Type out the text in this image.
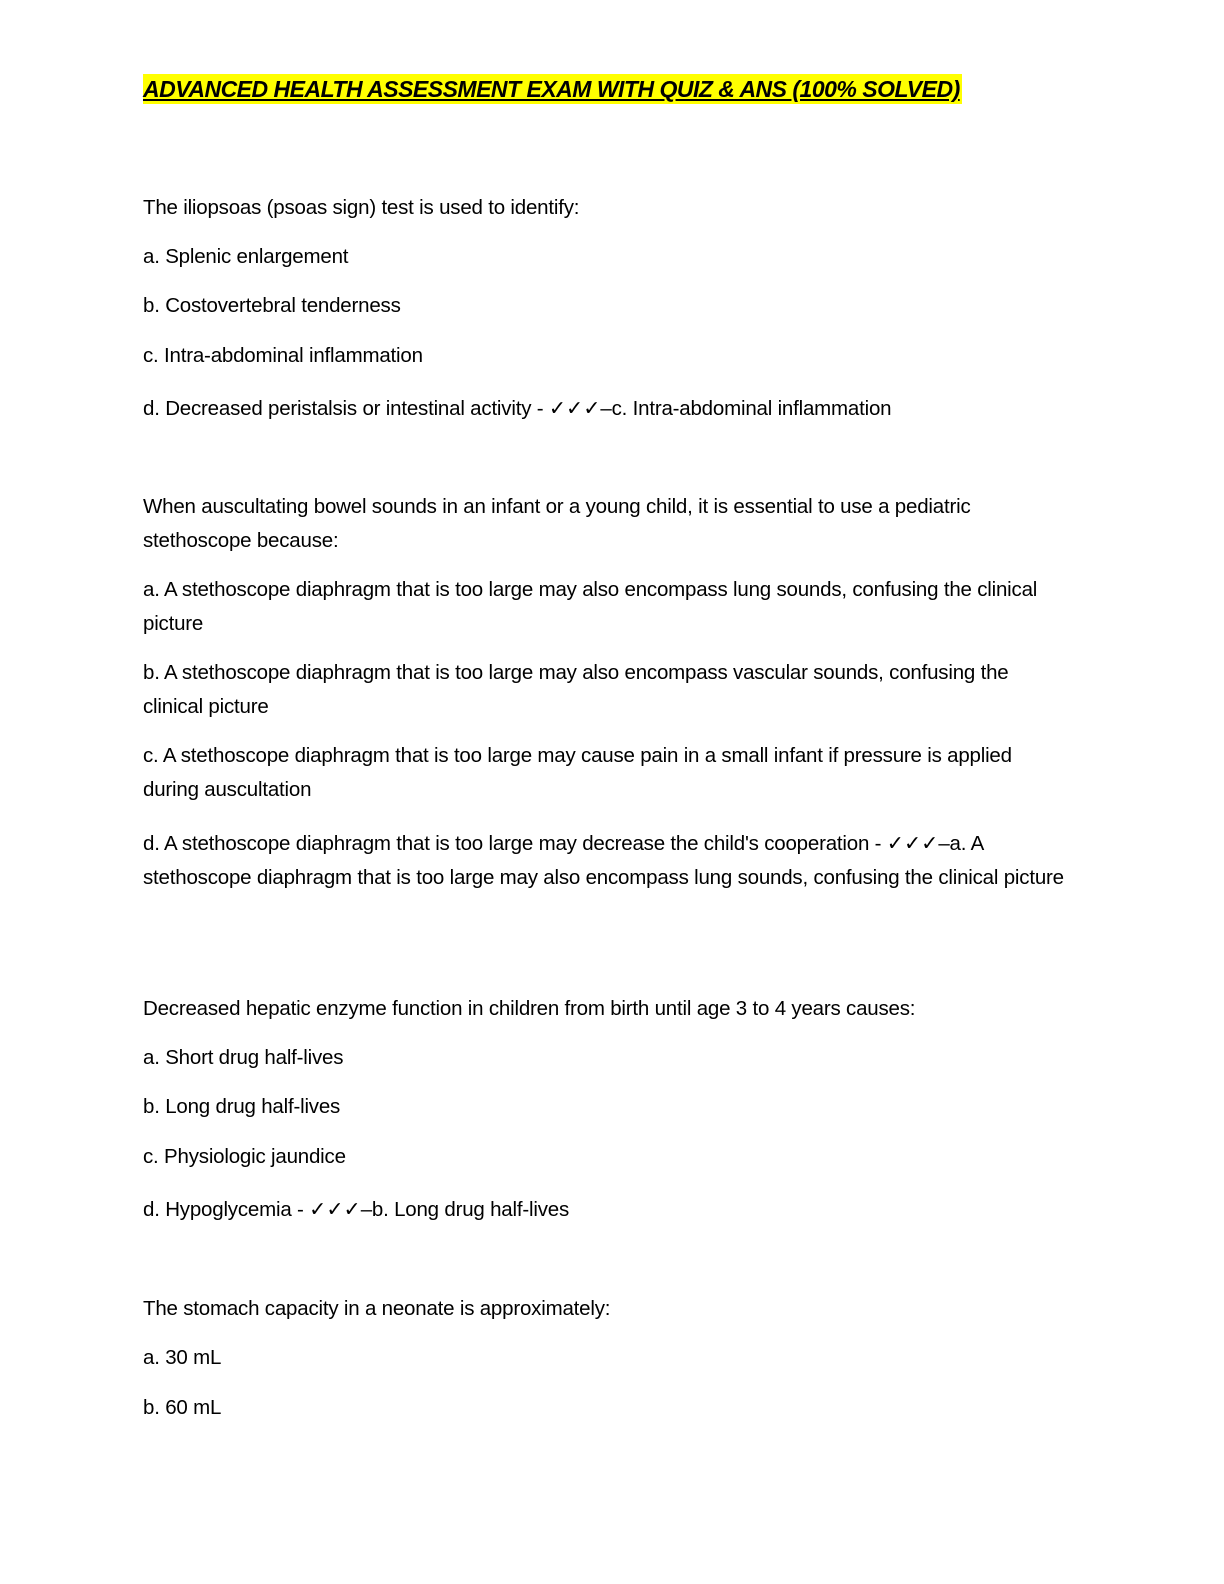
ADVANCED HEALTH ASSESSMENT EXAM WITH QUIZ & ANS (100% SOLVED)
The iliopsoas (psoas sign) test is used to identify:
a. Splenic enlargement
b. Costovertebral tenderness
c. Intra-abdominal inflammation
d. Decreased peristalsis or intestinal activity - ✓✓✓–c. Intra-abdominal inflammation
When auscultating bowel sounds in an infant or a young child, it is essential to use a pediatric stethoscope because:
a. A stethoscope diaphragm that is too large may also encompass lung sounds, confusing the clinical picture
b. A stethoscope diaphragm that is too large may also encompass vascular sounds, confusing the clinical picture
c. A stethoscope diaphragm that is too large may cause pain in a small infant if pressure is applied during auscultation
d. A stethoscope diaphragm that is too large may decrease the child's cooperation - ✓✓✓–a. A stethoscope diaphragm that is too large may also encompass lung sounds, confusing the clinical picture
Decreased hepatic enzyme function in children from birth until age 3 to 4 years causes:
a. Short drug half-lives
b. Long drug half-lives
c. Physiologic jaundice
d. Hypoglycemia - ✓✓✓–b. Long drug half-lives
The stomach capacity in a neonate is approximately:
a. 30 mL
b. 60 mL
